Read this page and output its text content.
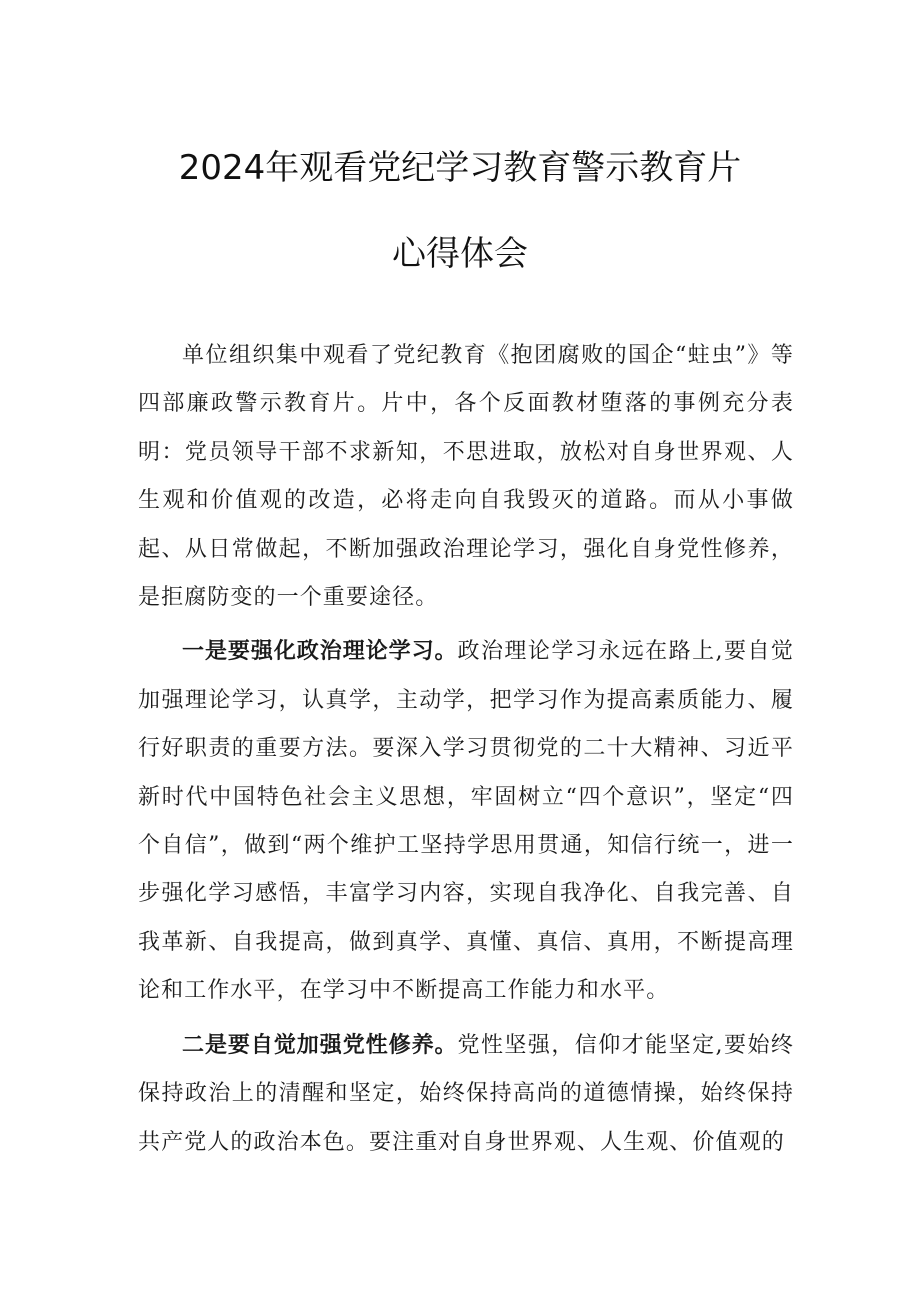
2024年观看党纪学习教育警示教育片
心得体会

单位组织集中观看了党纪教育《抱团腐败的国企“蛀虫”》等四部廉政警示教育片。片中，各个反面教材堕落的事例充分表明：党员领导干部不求新知，不思进取，放松对自身世界观、人生观和价值观的改造，必将走向自我毁灭的道路。而从小事做起、从日常做起，不断加强政治理论学习，强化自身党性修养，是拒腐防变的一个重要途径。

一是要强化政治理论学习。政治理论学习永远在路上,要自觉加强理论学习，认真学，主动学，把学习作为提高素质能力、履行好职责的重要方法。要深入学习贯彻党的二十大精神、习近平新时代中国特色社会主义思想，牢固树立“四个意识”，坚定“四个自信”，做到“两个维护工坚持学思用贯通，知信行统一，进一步强化学习感悟，丰富学习内容，实现自我净化、自我完善、自我革新、自我提高，做到真学、真懂、真信、真用，不断提高理论和工作水平，在学习中不断提高工作能力和水平。

二是要自觉加强党性修养。党性坚强，信仰才能坚定,要始终保持政治上的清醒和坚定，始终保持高尚的道德情操，始终保持共产党人的政治本色。要注重对自身世界观、人生观、价值观的
